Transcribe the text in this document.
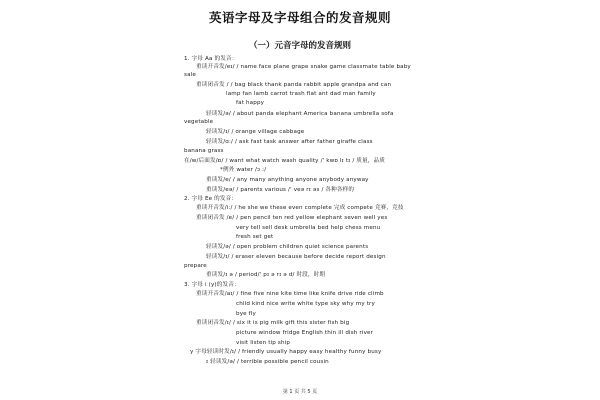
英语字母及字母组合的发音规则
（一）元音字母的发音规则
1. 字母 Aa 的发音：
重读开音发/eɪ/ / name face plane grape snake game classmate table baby
sale
重读闭音发 / / bag black thank panda rabbit apple grandpa and can
lamp fan lamb carrot trash flat ant dad man family
fat happy
轻读发/ə/ / about panda elephant America banana umbrella sofa
vegetable
轻读发/ɪ/ / orange village cabbage
轻读发/ɑ:/ / ask fast task answer after father giraffe class
banana grass
在/w/后面发/ɒ/ / want what watch wash quality /' kwɒ lɪ tɪ / 质量，品质
*例外 water /ɔ :/
重读发/e/ / any many anything anyone anybody anyway
重读发/eə/ / parents various /' veə rɪ əs / 各种各样的
2. 字母 Ee 的发音：
重读开音发/i:/ / he she we these even complete 完成 compete 竞赛，竞技
重读闭音发 /e/ / pen pencil ten red yellow elephant seven well yes
very tell sell desk umbrella bed help chess menu
fresh set get
轻读发/ə/ / open problem children quiet science parents
轻读发/ɪ/ / eraser eleven because before decide report design
prepare
重读发/ɪ ə / period/' pɪ ə rɪ ə d/ 时段，时期
3. 字母 i (y)的发音：
重读开音发/aɪ/ / fine five nine kite time like knife drive ride climb
child kind nice write white type sky why my try
bye fly
重读闭音发/ɪ/ / six it is pig milk gift this sister fish big
picture window fridge English thin ill dish river
visit listen tip ship
y 字母轻读时发/ɪ/ / friendly usually happy easy healthy funny busy
ɪ 轻读发/ə/ / terrible possible pencil cousin
第 1 页 共 5 页
